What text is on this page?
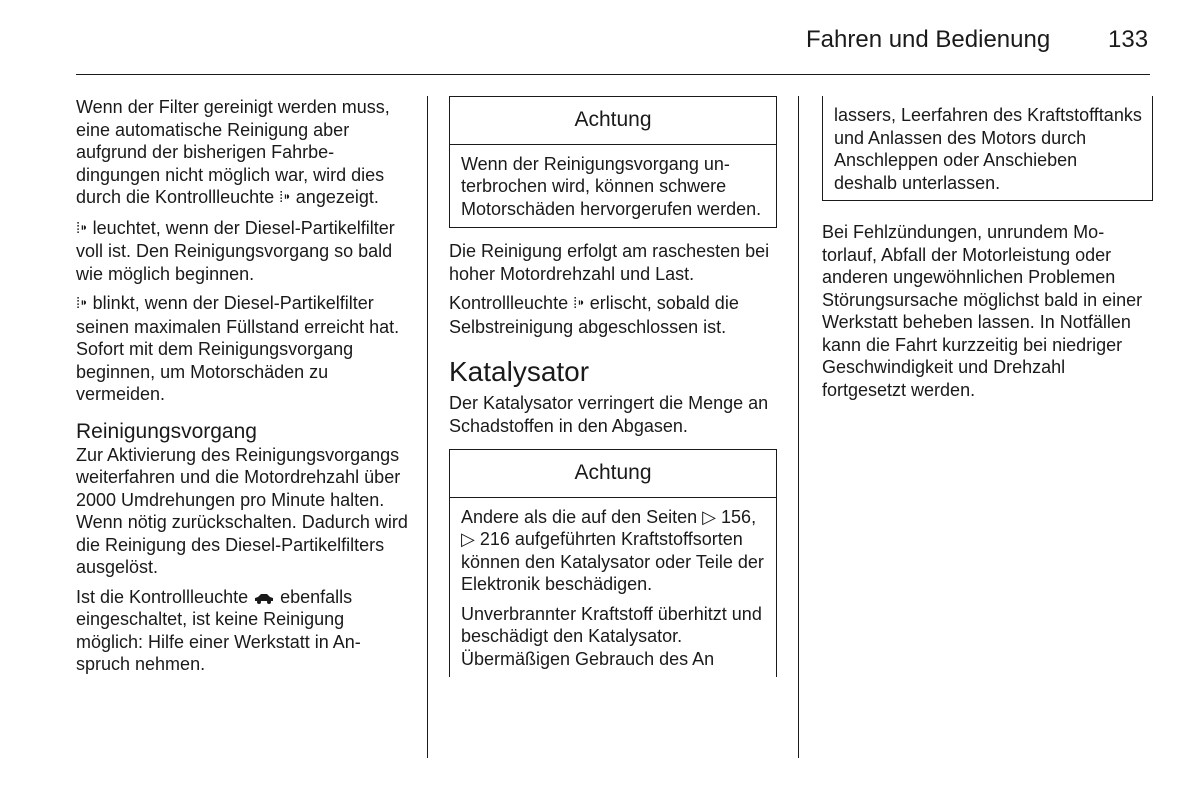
Fahren und Bedienung 133

Wenn der Filter gereinigt werden muss, eine automatische Reinigung aber aufgrund der bisherigen Fahrbedingungen nicht möglich war, wird dies durch die Kontrollleuchte ⁞⁍ angezeigt.

⁞⁍ leuchtet, wenn der Diesel-Partikelfilter voll ist. Den Reinigungsvorgang so bald wie möglich beginnen.

⁞⁍ blinkt, wenn der Diesel-Partikelfilter seinen maximalen Füllstand erreicht hat. Sofort mit dem Reinigungsvorgang beginnen, um Motorschäden zu vermeiden.

Reinigungsvorgang

Zur Aktivierung des Reinigungsvorgangs weiterfahren und die Motordrehzahl über 2000 Umdrehungen pro Minute halten. Wenn nötig zurückschalten. Dadurch wird die Reinigung des Diesel-Partikelfilters ausgelöst.

Ist die Kontrollleuchte  ebenfalls eingeschaltet, ist keine Reinigung möglich: Hilfe einer Werkstatt in Anspruch nehmen.

Achtung
Wenn der Reinigungsvorgang unterbrochen wird, können schwere Motorschäden hervorgerufen werden.

Die Reinigung erfolgt am raschesten bei hoher Motordrehzahl und Last.

Kontrollleuchte ⁞⁍ erlischt, sobald die Selbstreinigung abgeschlossen ist.

Katalysator

Der Katalysator verringert die Menge an Schadstoffen in den Abgasen.

Achtung

Andere als die auf den Seiten ▷ 156, ▷ 216 aufgeführten Kraftstoffsorten können den Katalysator oder Teile der Elektronik beschädigen.

Unverbrannter Kraftstoff überhitzt und beschädigt den Katalysator. Übermäßigen Gebrauch des An

lassers, Leerfahren des Kraftstofftanks und Anlassen des Motors durch Anschleppen oder Anschieben deshalb unterlassen.

Bei Fehlzündungen, unrundem Motorlauf, Abfall der Motorleistung oder anderen ungewöhnlichen Problemen Störungsursache möglichst bald in einer Werkstatt beheben lassen. In Notfällen kann die Fahrt kurzzeitig bei niedriger Geschwindigkeit und Drehzahl fortgesetzt werden.
